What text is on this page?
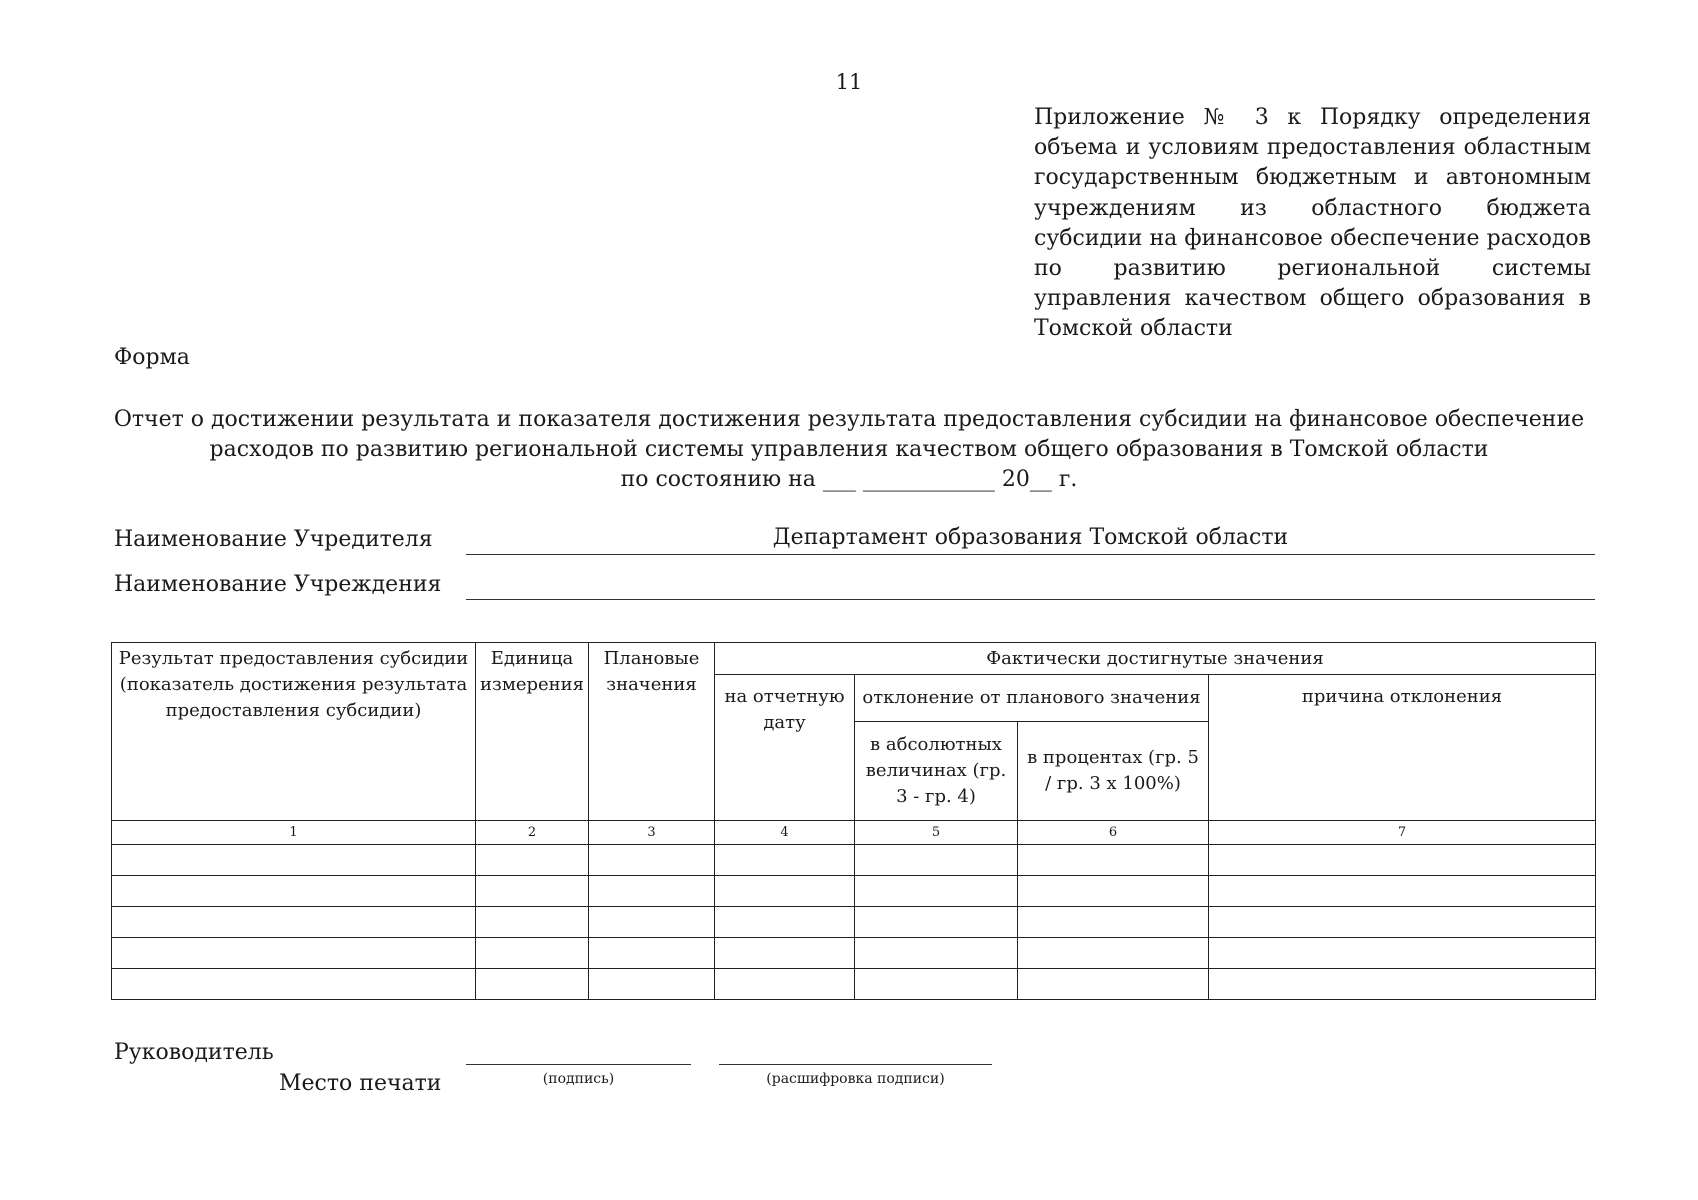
11
Приложение № 3 к Порядку определения объема и условиям предоставления областным государственным бюджетным и автономным учреждениям из областного бюджета субсидии на финансовое обеспечение расходов по развитию региональной системы управления качеством общего образования в Томской области
Форма
Отчет о достижении результата и показателя достижения результата предоставления субсидии на финансовое обеспечение
расходов по развитию региональной системы управления качеством общего образования в Томской области
по состоянию на ___ ____________ 20__ г.
Наименование Учредителя	Департамент образования Томской области
Наименование Учреждения
Результат предоставления субсидии (показатель достижения результата предоставления субсидии)	Единица измерения	Плановые значения	Фактически достигнутые значения			
			на отчетную дату	отклонение от планового значения		причина отклонения
				в абсолютных величинах (гр. 3 - гр. 4)	в процентах (гр. 5 / гр. 3 х 100%)	
1	2	3	4	5	6	7

Руководитель
Место печати	(подпись)	(расшифровка подписи)
